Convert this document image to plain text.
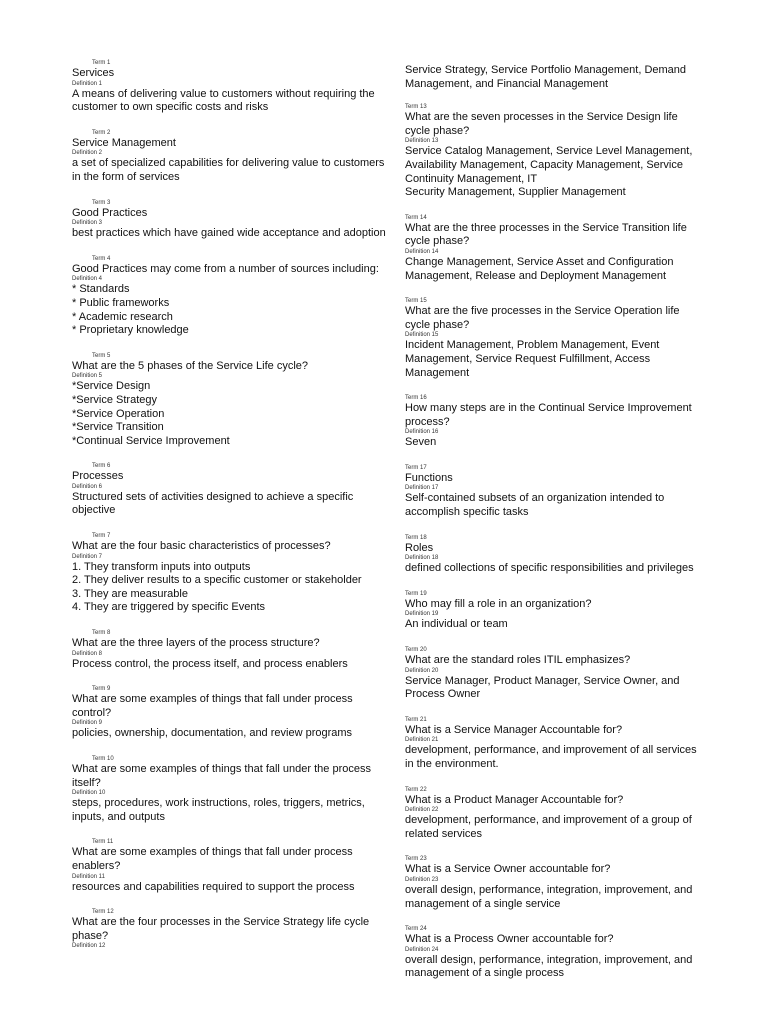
Term 1
Services
Definition 1
A means of delivering value to customers without requiring the customer to own specific costs and risks
Term 2
Service Management
Definition 2
a set of specialized capabilities for delivering value to customers in the form of services
Term 3
Good Practices
Definition 3
best practices which have gained wide acceptance and adoption
Term 4
Good Practices may come from a number of sources including:
Definition 4
* Standards
* Public frameworks
* Academic research
* Proprietary knowledge
Term 5
What are the 5 phases of the Service Life cycle?
Definition 5
*Service Design
*Service Strategy
*Service Operation
*Service Transition
*Continual Service Improvement
Term 6
Processes
Definition 6
Structured sets of activities designed to achieve a specific objective
Term 7
What are the four basic characteristics of processes?
Definition 7
1. They transform inputs into outputs
2. They deliver results to a specific customer or stakeholder
3. They are measurable
4. They are triggered by specific Events
Term 8
What are the three layers of the process structure?
Definition 8
Process control, the process itself, and process enablers
Term 9
What are some examples of things that fall under process control?
Definition 9
policies, ownership, documentation, and review programs
Term 10
What are some examples of things that fall under the process itself?
Definition 10
steps, procedures, work instructions, roles, triggers, metrics, inputs, and outputs
Term 11
What are some examples of things that fall under process enablers?
Definition 11
resources and capabilities required to support the process
Term 12
What are the four processes in the Service Strategy life cycle phase?
Definition 12
Service Strategy, Service Portfolio Management, Demand Management, and Financial Management
Term 13
What are the seven processes in the Service Design life cycle phase?
Definition 13
Service Catalog Management, Service Level Management, Availability Management, Capacity Management, Service Continuity Management, IT
Security Management, Supplier Management
Term 14
What are the three processes in the Service Transition life cycle phase?
Definition 14
Change Management, Service Asset and Configuration Management, Release and Deployment Management
Term 15
What are the five processes in the Service Operation life cycle phase?
Definition 15
Incident Management, Problem Management, Event Management, Service Request Fulfillment, Access Management
Term 16
How many steps are in the Continual Service Improvement process?
Definition 16
Seven
Term 17
Functions
Definition 17
Self-contained subsets of an organization intended to accomplish specific tasks
Term 18
Roles
Definition 18
defined collections of specific responsibilities and privileges
Term 19
Who may fill a role in an organization?
Definition 19
An individual or team
Term 20
What are the standard roles ITIL emphasizes?
Definition 20
Service Manager, Product Manager, Service Owner, and Process Owner
Term 21
What is a Service Manager Accountable for?
Definition 21
development, performance, and improvement of all services in the environment.
Term 22
What is a Product Manager Accountable for?
Definition 22
development, performance, and improvement of a group of related services
Term 23
What is a Service Owner accountable for?
Definition 23
overall design, performance, integration, improvement, and management of a single service
Term 24
What is a Process Owner accountable for?
Definition 24
overall design, performance, integration, improvement, and management of a single process
